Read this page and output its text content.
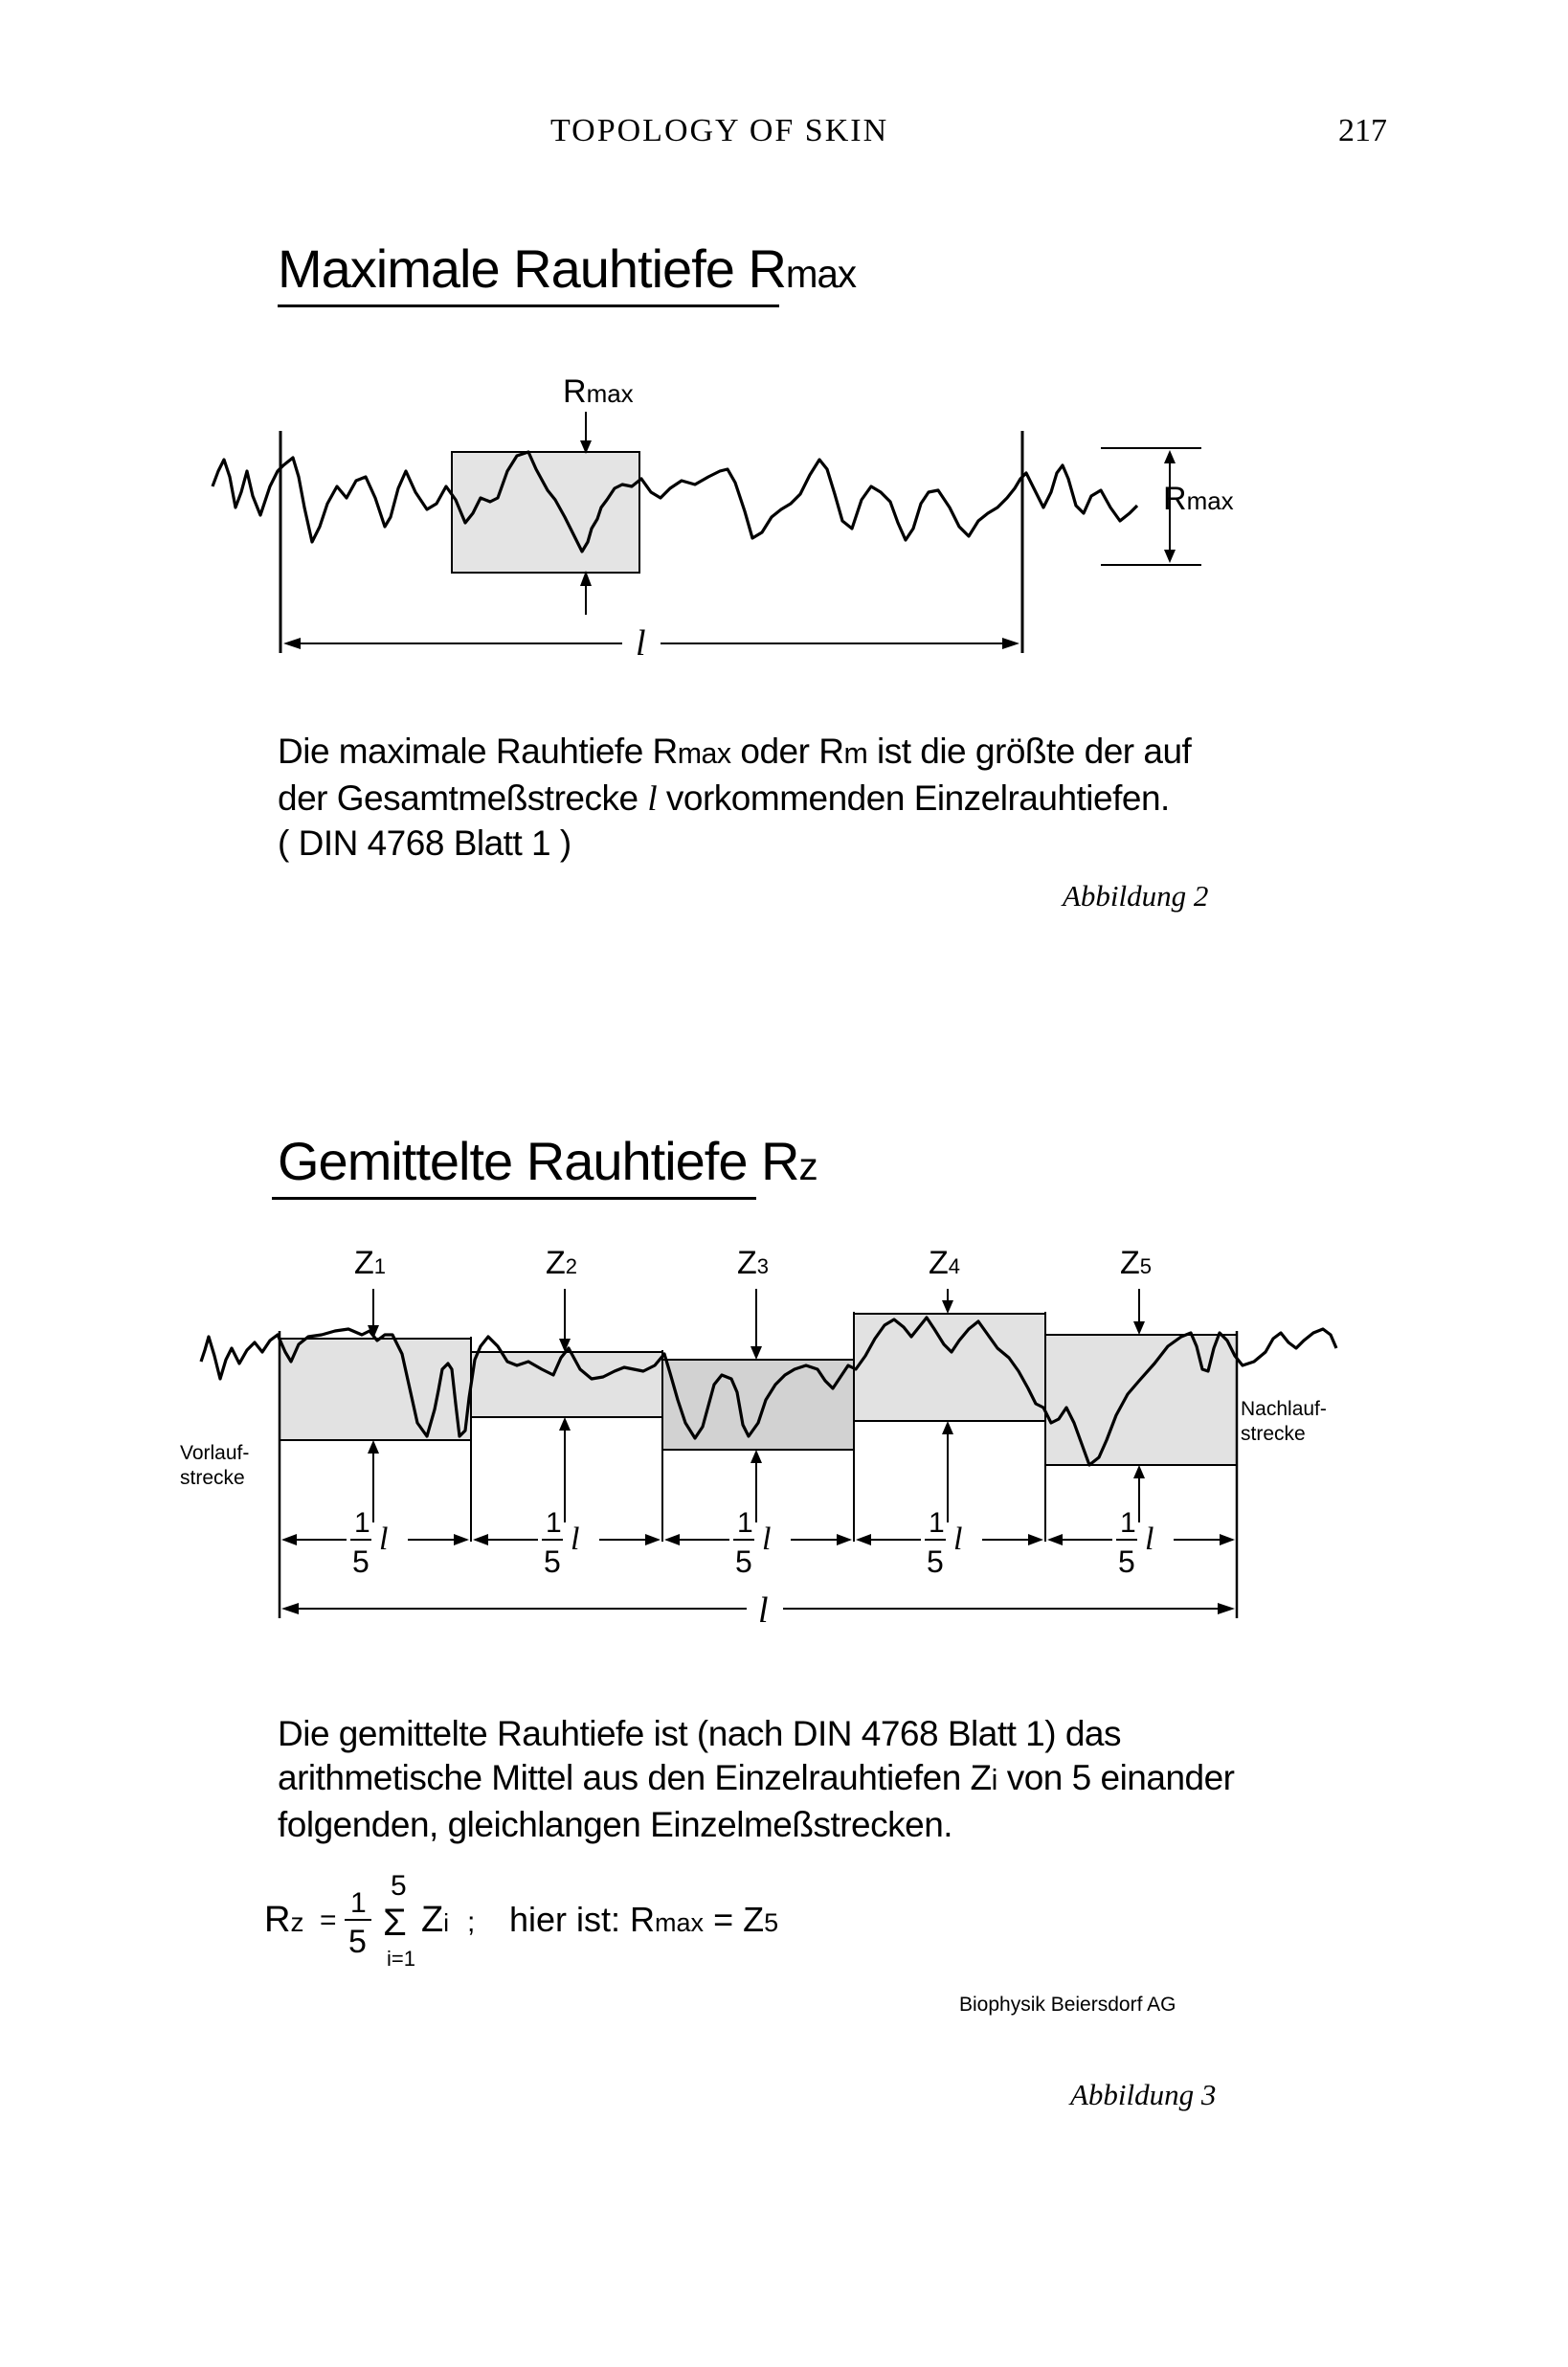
TOPOLOGY OF SKIN	217
Maximale Rauhtiefe Rmax
Rmax
Rmax
l
Die maximale Rauhtiefe Rmax oder Rm ist die größte der auf
der Gesamtmeßstrecke l vorkommenden Einzelrauhtiefen.
( DIN 4768 Blatt 1 )
Abbildung 2
Gemittelte Rauhtiefe Rz
Z1	Z2	Z3	Z4	Z5
Vorlauf-
strecke
Nachlauf-
strecke
1
5
l	1
5
l	1
5
l	1
5
l	1
5
l
l
Die gemittelte Rauhtiefe ist (nach DIN 4768 Blatt 1) das
arithmetische Mittel aus den Einzelrauhtiefen Zi von 5 einander
folgenden, gleichlangen Einzelmeßstrecken.
Rz =
1
5
5
Σ
i=1
Zi ; hier ist: Rmax = Z5
Biophysik Beiersdorf AG
Abbildung 3
